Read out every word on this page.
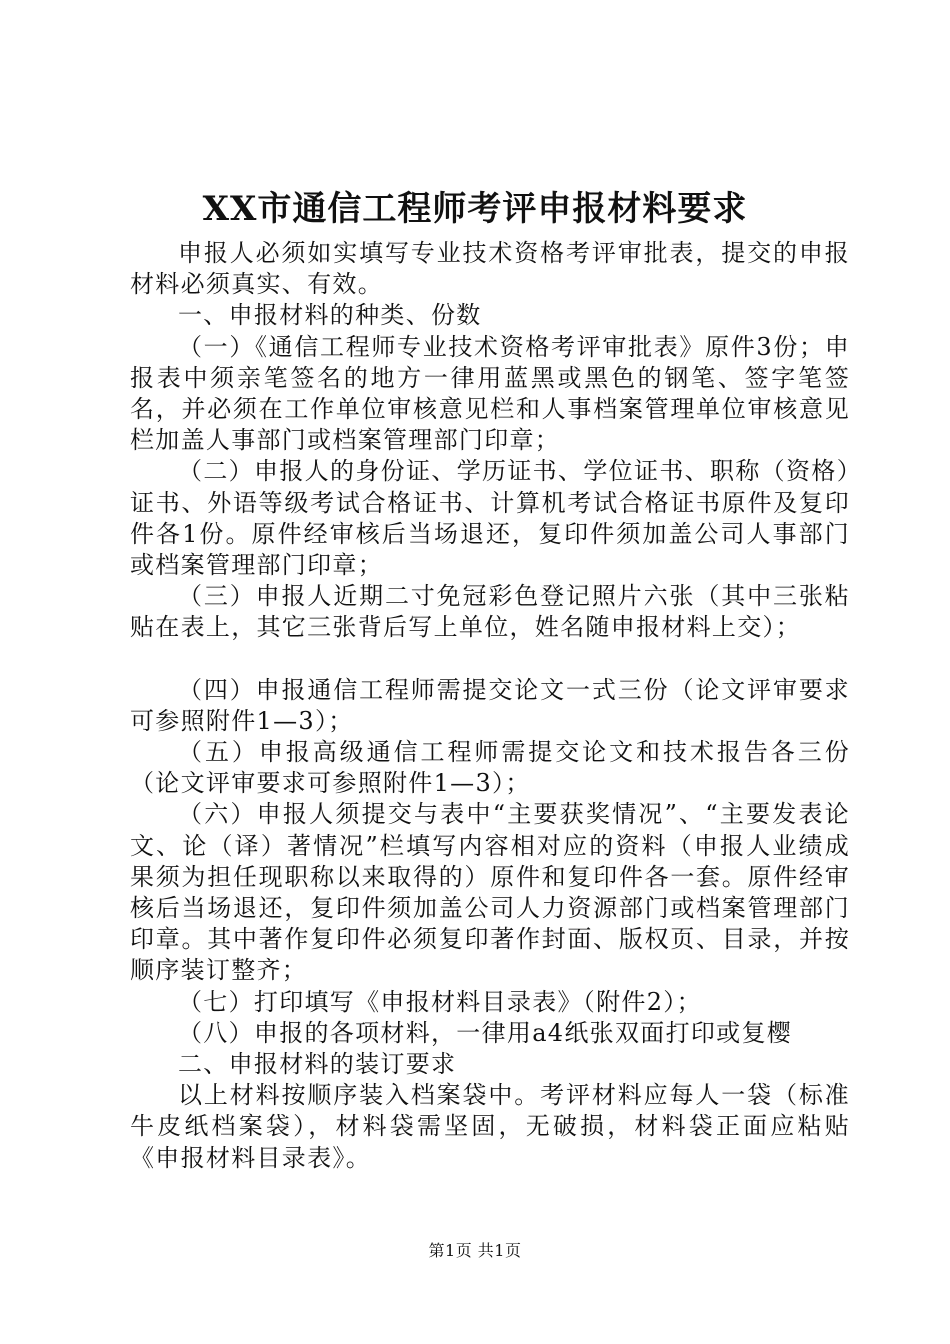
XX市通信工程师考评申报材料要求

申报人必须如实填写专业技术资格考评审批表，提交的申报材料必须真实、有效。

一、申报材料的种类、份数

（一）《通信工程师专业技术资格考评审批表》原件3份；申报表中须亲笔签名的地方一律用蓝黑或黑色的钢笔、签字笔签名，并必须在工作单位审核意见栏和人事档案管理单位审核意见栏加盖人事部门或档案管理部门印章；

（二）申报人的身份证、学历证书、学位证书、职称（资格）证书、外语等级考试合格证书、计算机考试合格证书原件及复印件各1份。原件经审核后当场退还，复印件须加盖公司人事部门或档案管理部门印章；

（三）申报人近期二寸免冠彩色登记照片六张（其中三张粘贴在表上，其它三张背后写上单位，姓名随申报材料上交）；

（四）申报通信工程师需提交论文一式三份（论文评审要求可参照附件1—3）；

（五）申报高级通信工程师需提交论文和技术报告各三份（论文评审要求可参照附件1—3）；

（六）申报人须提交与表中“主要获奖情况”、“主要发表论文、论（译）著情况”栏填写内容相对应的资料（申报人业绩成果须为担任现职称以来取得的）原件和复印件各一套。原件经审核后当场退还，复印件须加盖公司人力资源部门或档案管理部门印章。其中著作复印件必须复印著作封面、版权页、目录，并按顺序装订整齐；

（七）打印填写《申报材料目录表》（附件2）；

（八）申报的各项材料，一律用a4纸张双面打印或复樱

二、申报材料的装订要求

以上材料按顺序装入档案袋中。考评材料应每人一袋（标准牛皮纸档案袋），材料袋需坚固，无破损，材料袋正面应粘贴《申报材料目录表》。

第1页 共1页
